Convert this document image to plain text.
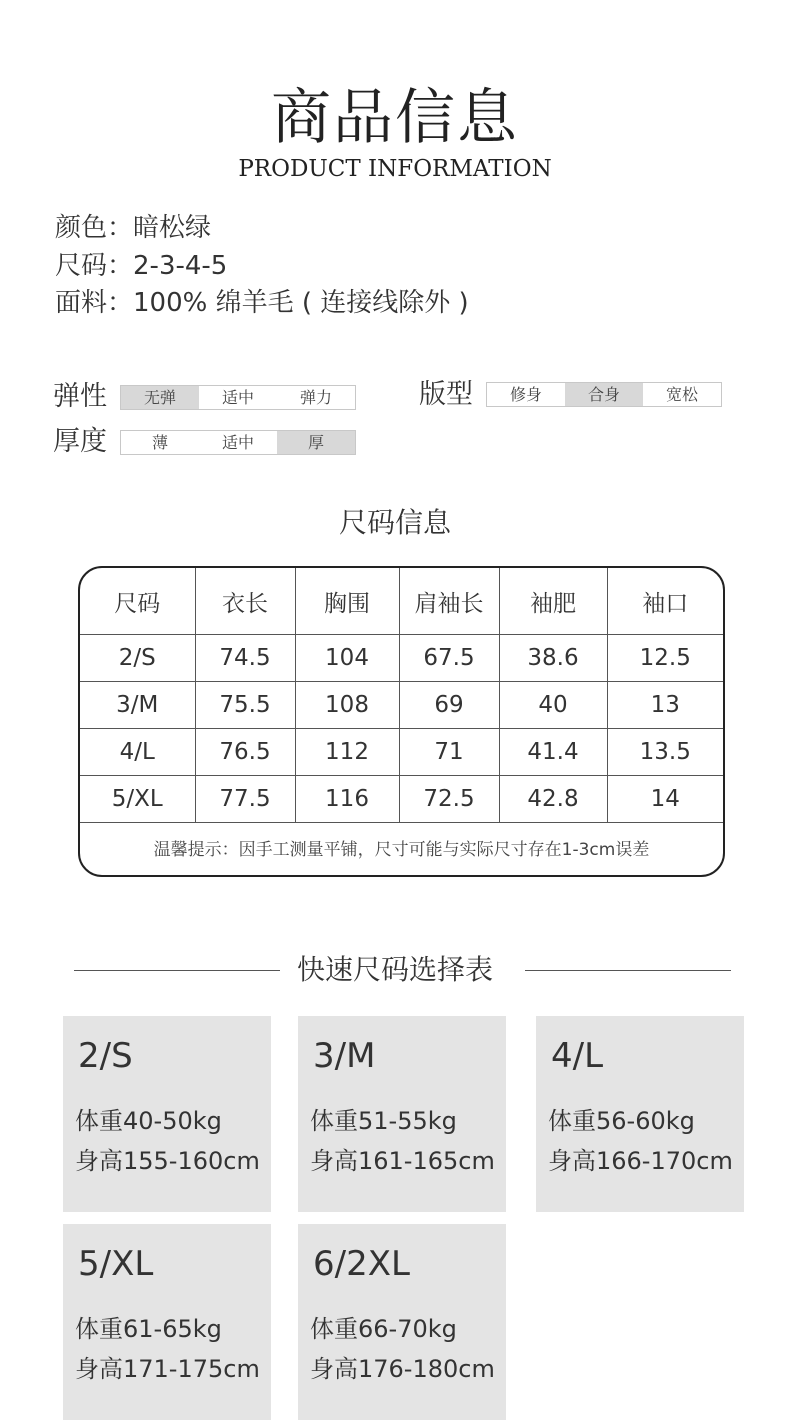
商品信息
PRODUCT INFORMATION
颜色：暗松绿
尺码：2-3-4-5
面料：100% 绵羊毛 ( 连接线除外 )
弹性	无弹	适中	弹力	版型	修身	合身	宽松
厚度	薄	适中	厚
尺码信息
尺码	衣长	胸围	肩袖长	袖肥	袖口
2/S	74.5	104	67.5	38.6	12.5
3/M	75.5	108	69	40	13
4/L	76.5	112	71	41.4	13.5
5/XL	77.5	116	72.5	42.8	14
温馨提示：因手工测量平铺，尺寸可能与实际尺寸存在1-3cm误差
快速尺码选择表
2/S
体重40-50kg
身高155-160cm
3/M
体重51-55kg
身高161-165cm
4/L
体重56-60kg
身高166-170cm
5/XL
体重61-65kg
身高171-175cm
6/2XL
体重66-70kg
身高176-180cm
